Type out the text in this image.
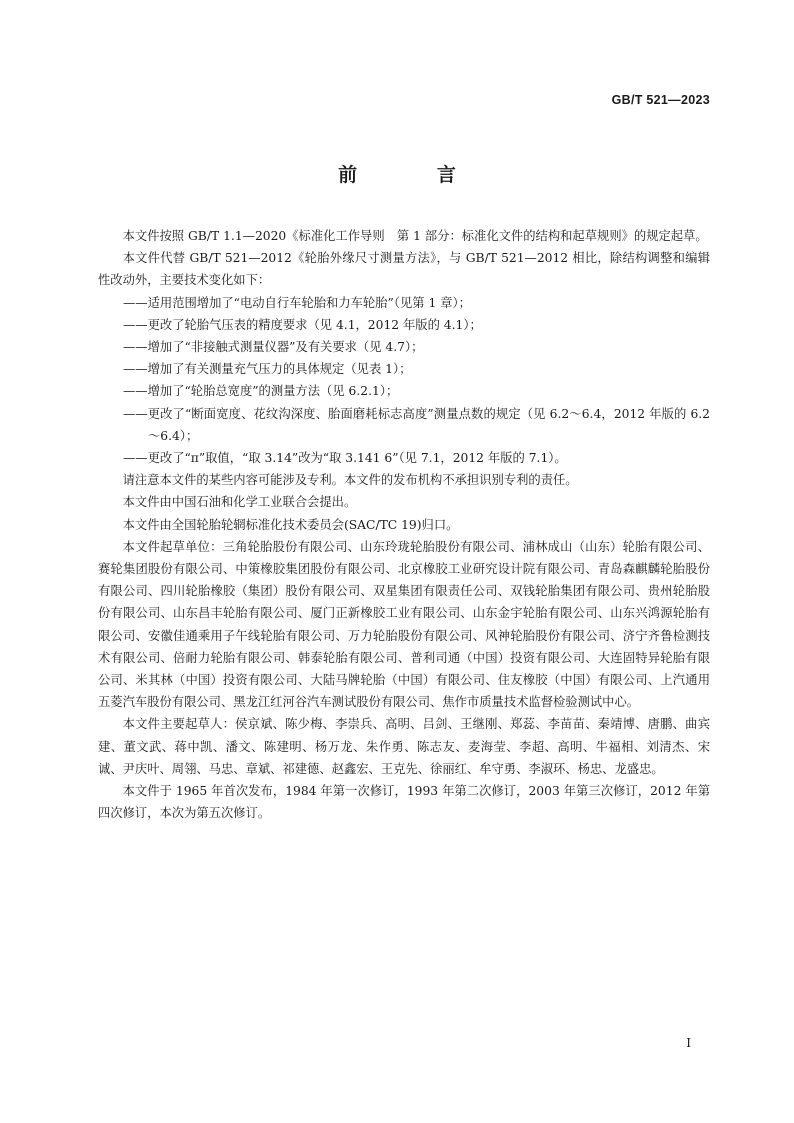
GB/T 521—2023
前　言

本文件按照 GB/T 1.1—2020《标准化工作导则　第 1 部分：标准化文件的结构和起草规则》的规定起草。

本文件代替 GB/T 521—2012《轮胎外缘尺寸测量方法》，与 GB/T 521—2012 相比，除结构调整和编辑性改动外，主要技术变化如下：

——适用范围增加了“电动自行车轮胎和力车轮胎”（见第 1 章）；

——更改了轮胎气压表的精度要求（见 4.1，2012 年版的 4.1）；

——增加了“非接触式测量仪器”及有关要求（见 4.7）；

——增加了有关测量充气压力的具体规定（见表 1）；

——增加了“轮胎总宽度”的测量方法（见 6.2.1）；

——更改了“断面宽度、花纹沟深度、胎面磨耗标志高度”测量点数的规定（见 6.2～6.4，2012 年版的 6.2～6.4）；

——更改了“π”取值，“取 3.14”改为“取 3.141 6”（见 7.1，2012 年版的 7.1）。

请注意本文件的某些内容可能涉及专利。本文件的发布机构不承担识别专利的责任。

本文件由中国石油和化学工业联合会提出。

本文件由全国轮胎轮辋标准化技术委员会(SAC/TC 19)归口。

本文件起草单位：三角轮胎股份有限公司、山东玲珑轮胎股份有限公司、浦林成山（山东）轮胎有限公司、赛轮集团股份有限公司、中策橡胶集团股份有限公司、北京橡胶工业研究设计院有限公司、青岛森麒麟轮胎股份有限公司、四川轮胎橡胶（集团）股份有限公司、双星集团有限责任公司、双钱轮胎集团有限公司、贵州轮胎股份有限公司、山东昌丰轮胎有限公司、厦门正新橡胶工业有限公司、山东金宇轮胎有限公司、山东兴鸿源轮胎有限公司、安徽佳通乘用子午线轮胎有限公司、万力轮胎股份有限公司、风神轮胎股份有限公司、济宁齐鲁检测技术有限公司、倍耐力轮胎有限公司、韩泰轮胎有限公司、普利司通（中国）投资有限公司、大连固特异轮胎有限公司、米其林（中国）投资有限公司、大陆马牌轮胎（中国）有限公司、住友橡胶（中国）有限公司、上汽通用五菱汽车股份有限公司、黑龙江红河谷汽车测试股份有限公司、焦作市质量技术监督检验测试中心。

本文件主要起草人：侯京斌、陈少梅、李崇兵、高明、吕剑、王继刚、郑蕊、李苗苗、秦靖博、唐鹏、曲宾建、董文武、蒋中凯、潘文、陈建明、杨万龙、朱作勇、陈志友、麦海莹、李超、高明、牛福相、刘清杰、宋诚、尹庆叶、周翎、马忠、章斌、祁建德、赵鑫宏、王克先、徐丽红、牟守勇、李淑环、杨忠、龙盛忠。

本文件于 1965 年首次发布，1984 年第一次修订，1993 年第二次修订，2003 年第三次修订，2012 年第四次修订，本次为第五次修订。

I
